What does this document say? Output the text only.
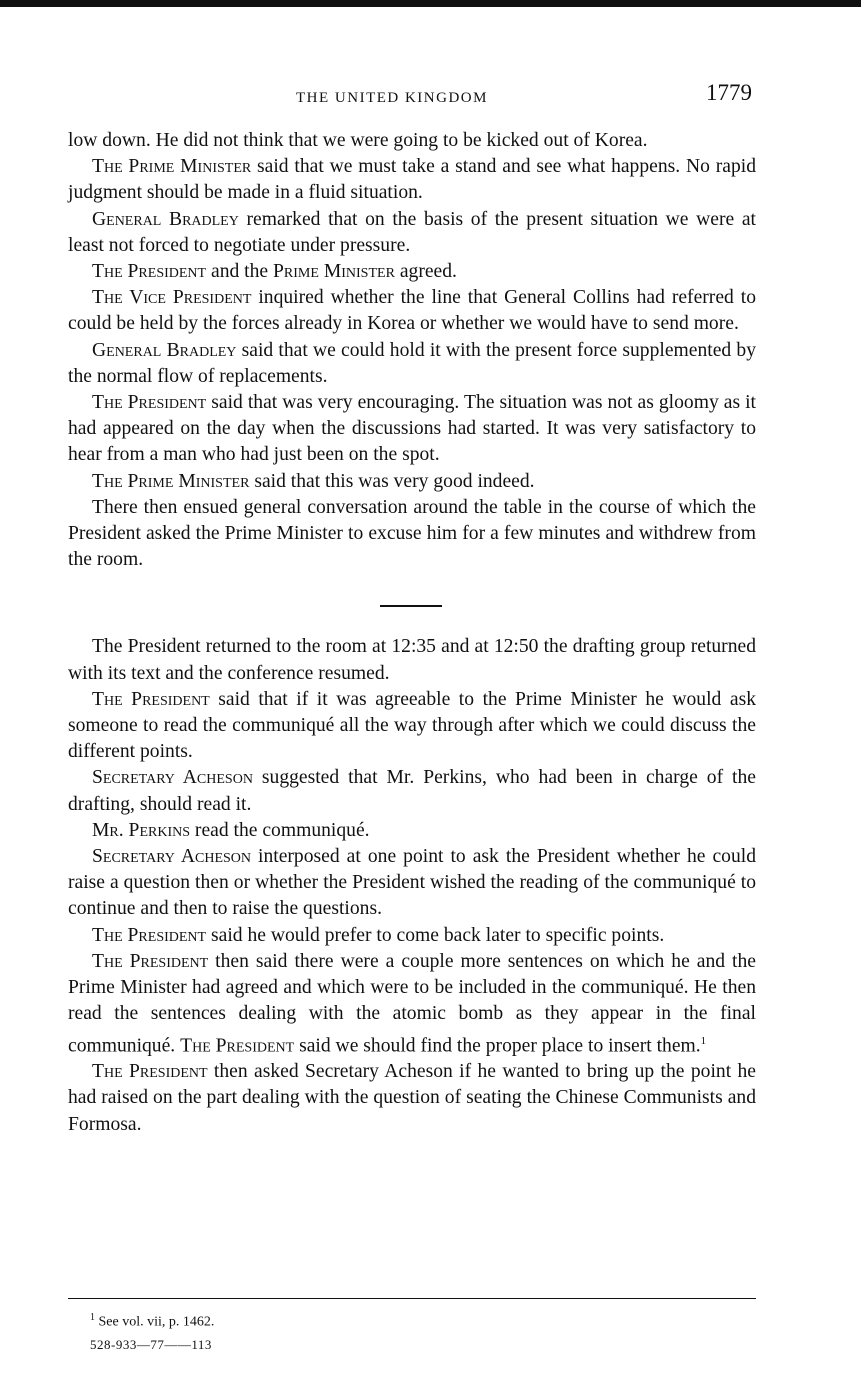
THE UNITED KINGDOM	1779

low down. He did not think that we were going to be kicked out of Korea.

The Prime Minister said that we must take a stand and see what happens. No rapid judgment should be made in a fluid situation.

General Bradley remarked that on the basis of the present situation we were at least not forced to negotiate under pressure.

The President and the Prime Minister agreed.

The Vice President inquired whether the line that General Collins had referred to could be held by the forces already in Korea or whether we would have to send more.

General Bradley said that we could hold it with the present force supplemented by the normal flow of replacements.

The President said that was very encouraging. The situation was not as gloomy as it had appeared on the day when the discussions had started. It was very satisfactory to hear from a man who had just been on the spot.

The Prime Minister said that this was very good indeed.

There then ensued general conversation around the table in the course of which the President asked the Prime Minister to excuse him for a few minutes and withdrew from the room.

The President returned to the room at 12:35 and at 12:50 the drafting group returned with its text and the conference resumed.

The President said that if it was agreeable to the Prime Minister he would ask someone to read the communiqué all the way through after which we could discuss the different points.

Secretary Acheson suggested that Mr. Perkins, who had been in charge of the drafting, should read it.

Mr. Perkins read the communiqué.

Secretary Acheson interposed at one point to ask the President whether he could raise a question then or whether the President wished the reading of the communiqué to continue and then to raise the questions.

The President said he would prefer to come back later to specific points.

The President then said there were a couple more sentences on which he and the Prime Minister had agreed and which were to be included in the communiqué. He then read the sentences dealing with the atomic bomb as they appear in the final communiqué. The President said we should find the proper place to insert them.$^1$

The President then asked Secretary Acheson if he wanted to bring up the point he had raised on the part dealing with the question of seating the Chinese Communists and Formosa.

$^1$ See vol. vii, p. 1462.
528-933—77——113
